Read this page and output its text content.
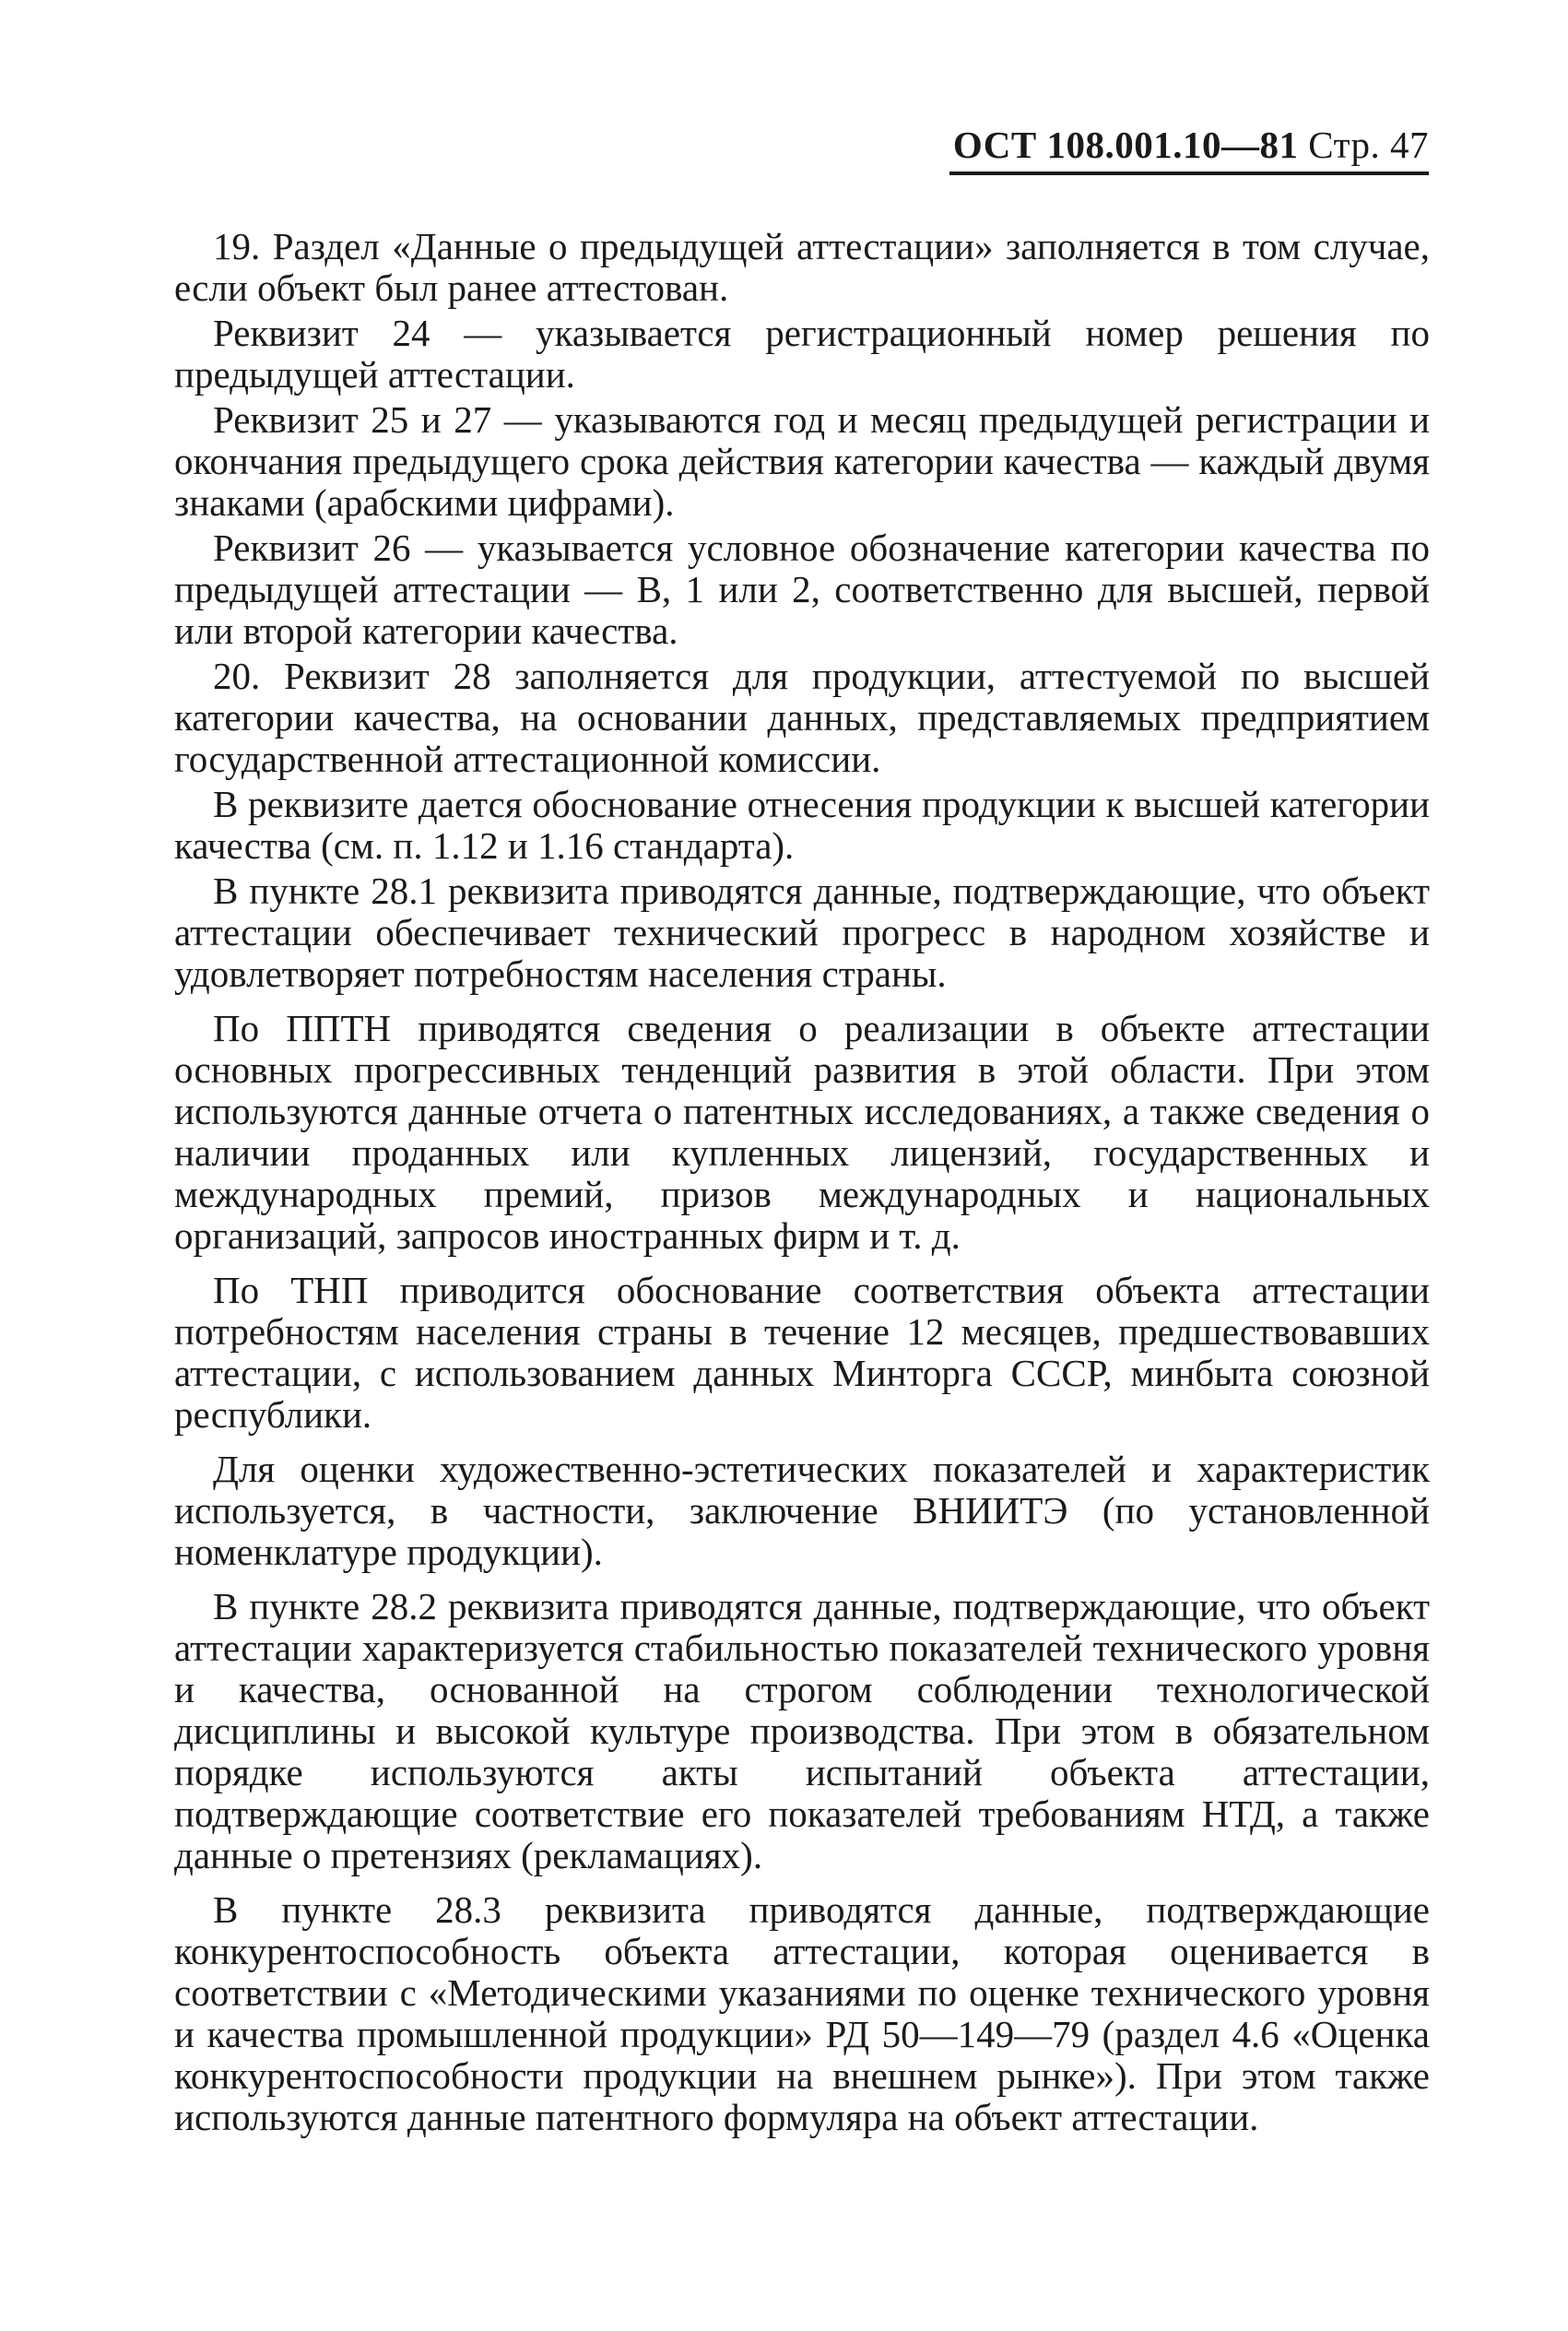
ОСТ 108.001.10—81 Стр. 47

19. Раздел «Данные о предыдущей аттестации» заполняется в том случае, если объект был ранее аттестован.

Реквизит 24 — указывается регистрационный номер решения по предыдущей аттестации.

Реквизит 25 и 27 — указываются год и месяц предыдущей регистрации и окончания предыдущего срока действия категории качества — каждый двумя знаками (арабскими цифрами).

Реквизит 26 — указывается условное обозначение категории качества по предыдущей аттестации — В, 1 или 2, соответственно для высшей, первой или второй категории качества.

20. Реквизит 28 заполняется для продукции, аттестуемой по высшей категории качества, на основании данных, представляемых предприятием государственной аттестационной комиссии.

В реквизите дается обоснование отнесения продукции к высшей категории качества (см. п. 1.12 и 1.16 стандарта).

В пункте 28.1 реквизита приводятся данные, подтверждающие, что объект аттестации обеспечивает технический прогресс в народном хозяйстве и удовлетворяет потребностям населения страны.

По ППТН приводятся сведения о реализации в объекте аттестации основных прогрессивных тенденций развития в этой области. При этом используются данные отчета о патентных исследованиях, а также сведения о наличии проданных или купленных лицензий, государственных и международных премий, призов международных и национальных организаций, запросов иностранных фирм и т. д.

По ТНП приводится обоснование соответствия объекта аттестации потребностям населения страны в течение 12 месяцев, предшествовавших аттестации, с использованием данных Минторга СССР, минбыта союзной республики.

Для оценки художественно-эстетических показателей и характеристик используется, в частности, заключение ВНИИТЭ (по установленной номенклатуре продукции).

В пункте 28.2 реквизита приводятся данные, подтверждающие, что объект аттестации характеризуется стабильностью показателей технического уровня и качества, основанной на строгом соблюдении технологической дисциплины и высокой культуре производства. При этом в обязательном порядке используются акты испытаний объекта аттестации, подтверждающие соответствие его показателей требованиям НТД, а также данные о претензиях (рекламациях).

В пункте 28.3 реквизита приводятся данные, подтверждающие конкурентоспособность объекта аттестации, которая оценивается в соответствии с «Методическими указаниями по оценке технического уровня и качества промышленной продукции» РД 50—149—79 (раздел 4.6 «Оценка конкурентоспособности продукции на внешнем рынке»). При этом также используются данные патентного формуляра на объект аттестации.
